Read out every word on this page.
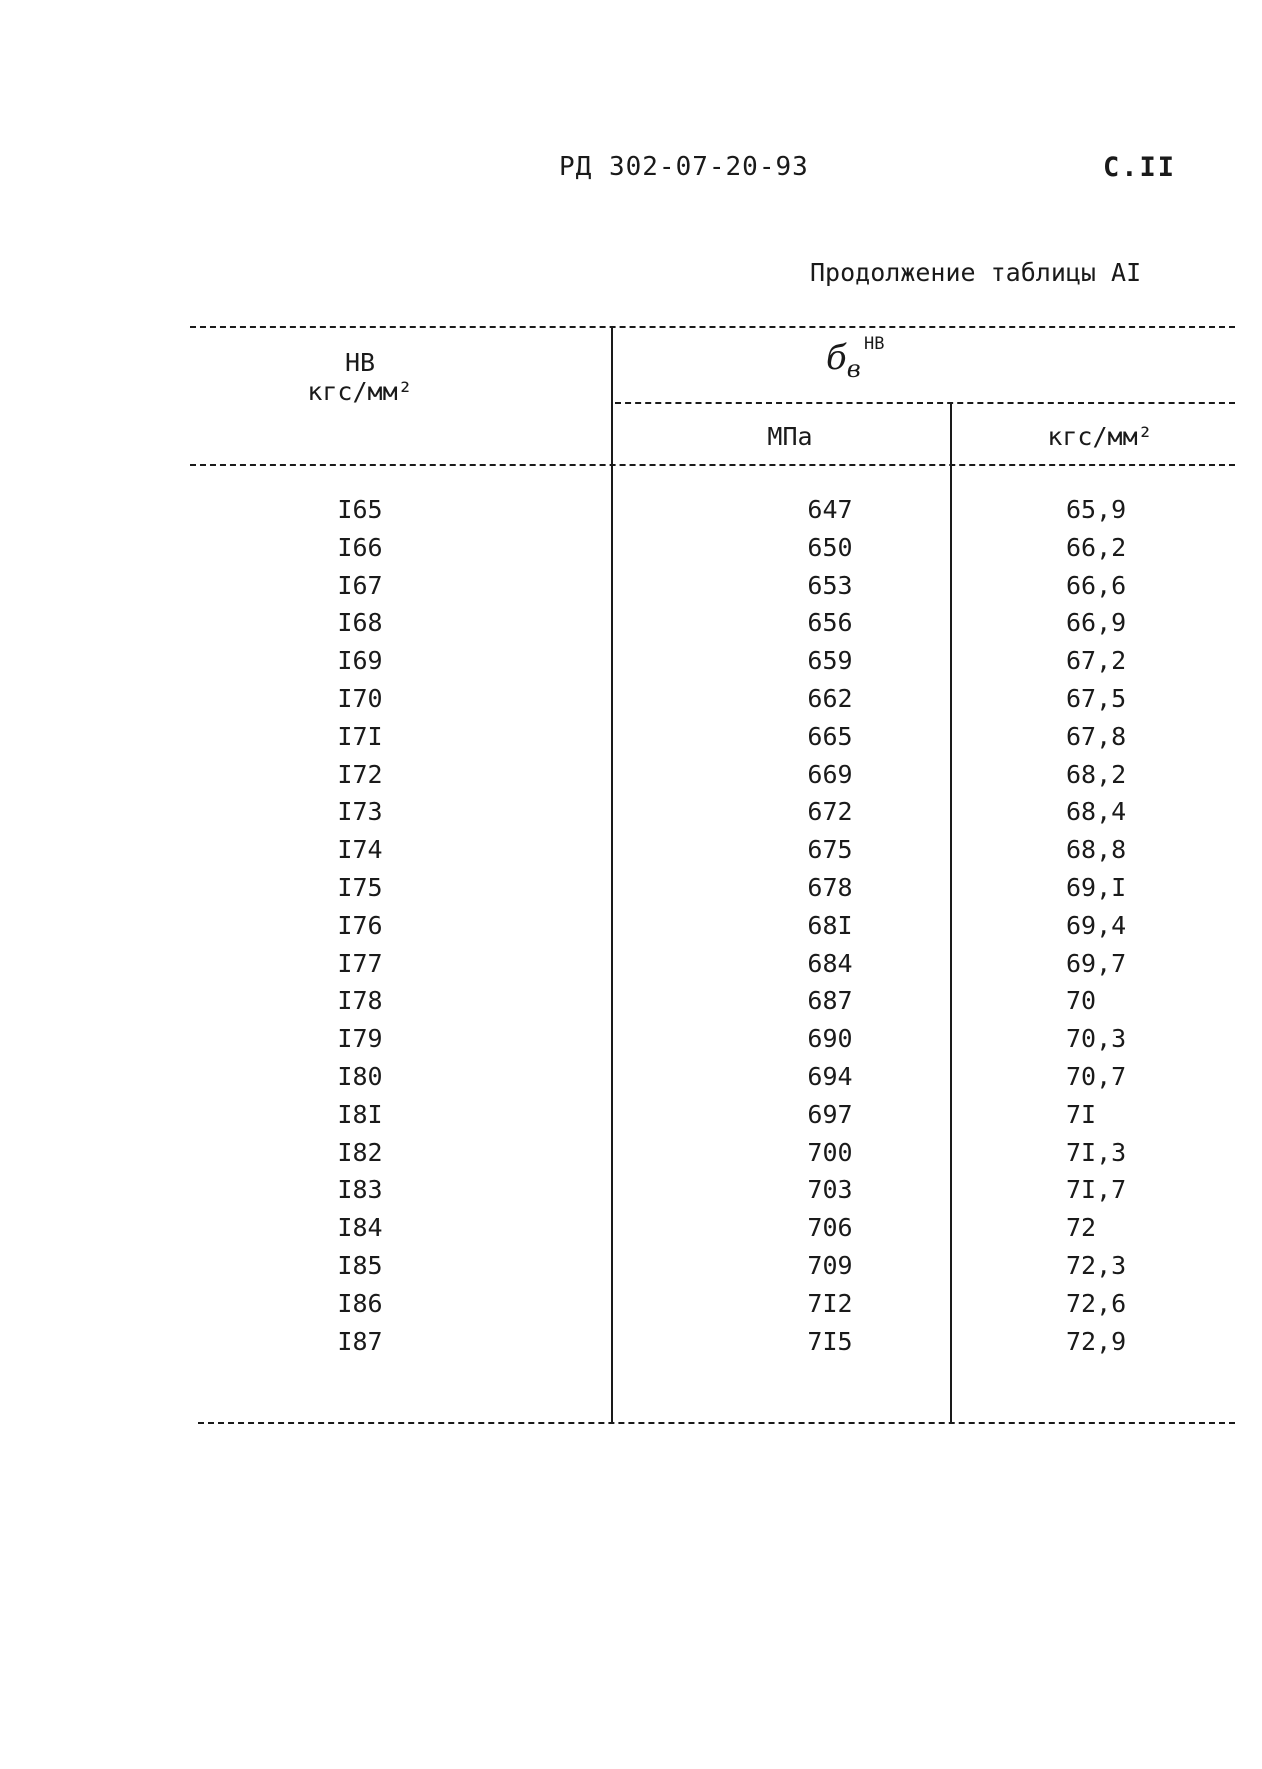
РД 302-07-20-93	С.II
Продолжение таблицы АI
НВ
кгс/мм²
$б_в$
НВ
МПа	кгс/мм²
I65	647	65,9
I66	650	66,2
I67	653	66,6
I68	656	66,9
I69	659	67,2
I70	662	67,5
I7I	665	67,8
I72	669	68,2
I73	672	68,4
I74	675	68,8
I75	678	69,I
I76	68I	69,4
I77	684	69,7
I78	687	70
I79	690	70,3
I80	694	70,7
I8I	697	7I
I82	700	7I,3
I83	703	7I,7
I84	706	72
I85	709	72,3
I86	7I2	72,6
I87	7I5	72,9
